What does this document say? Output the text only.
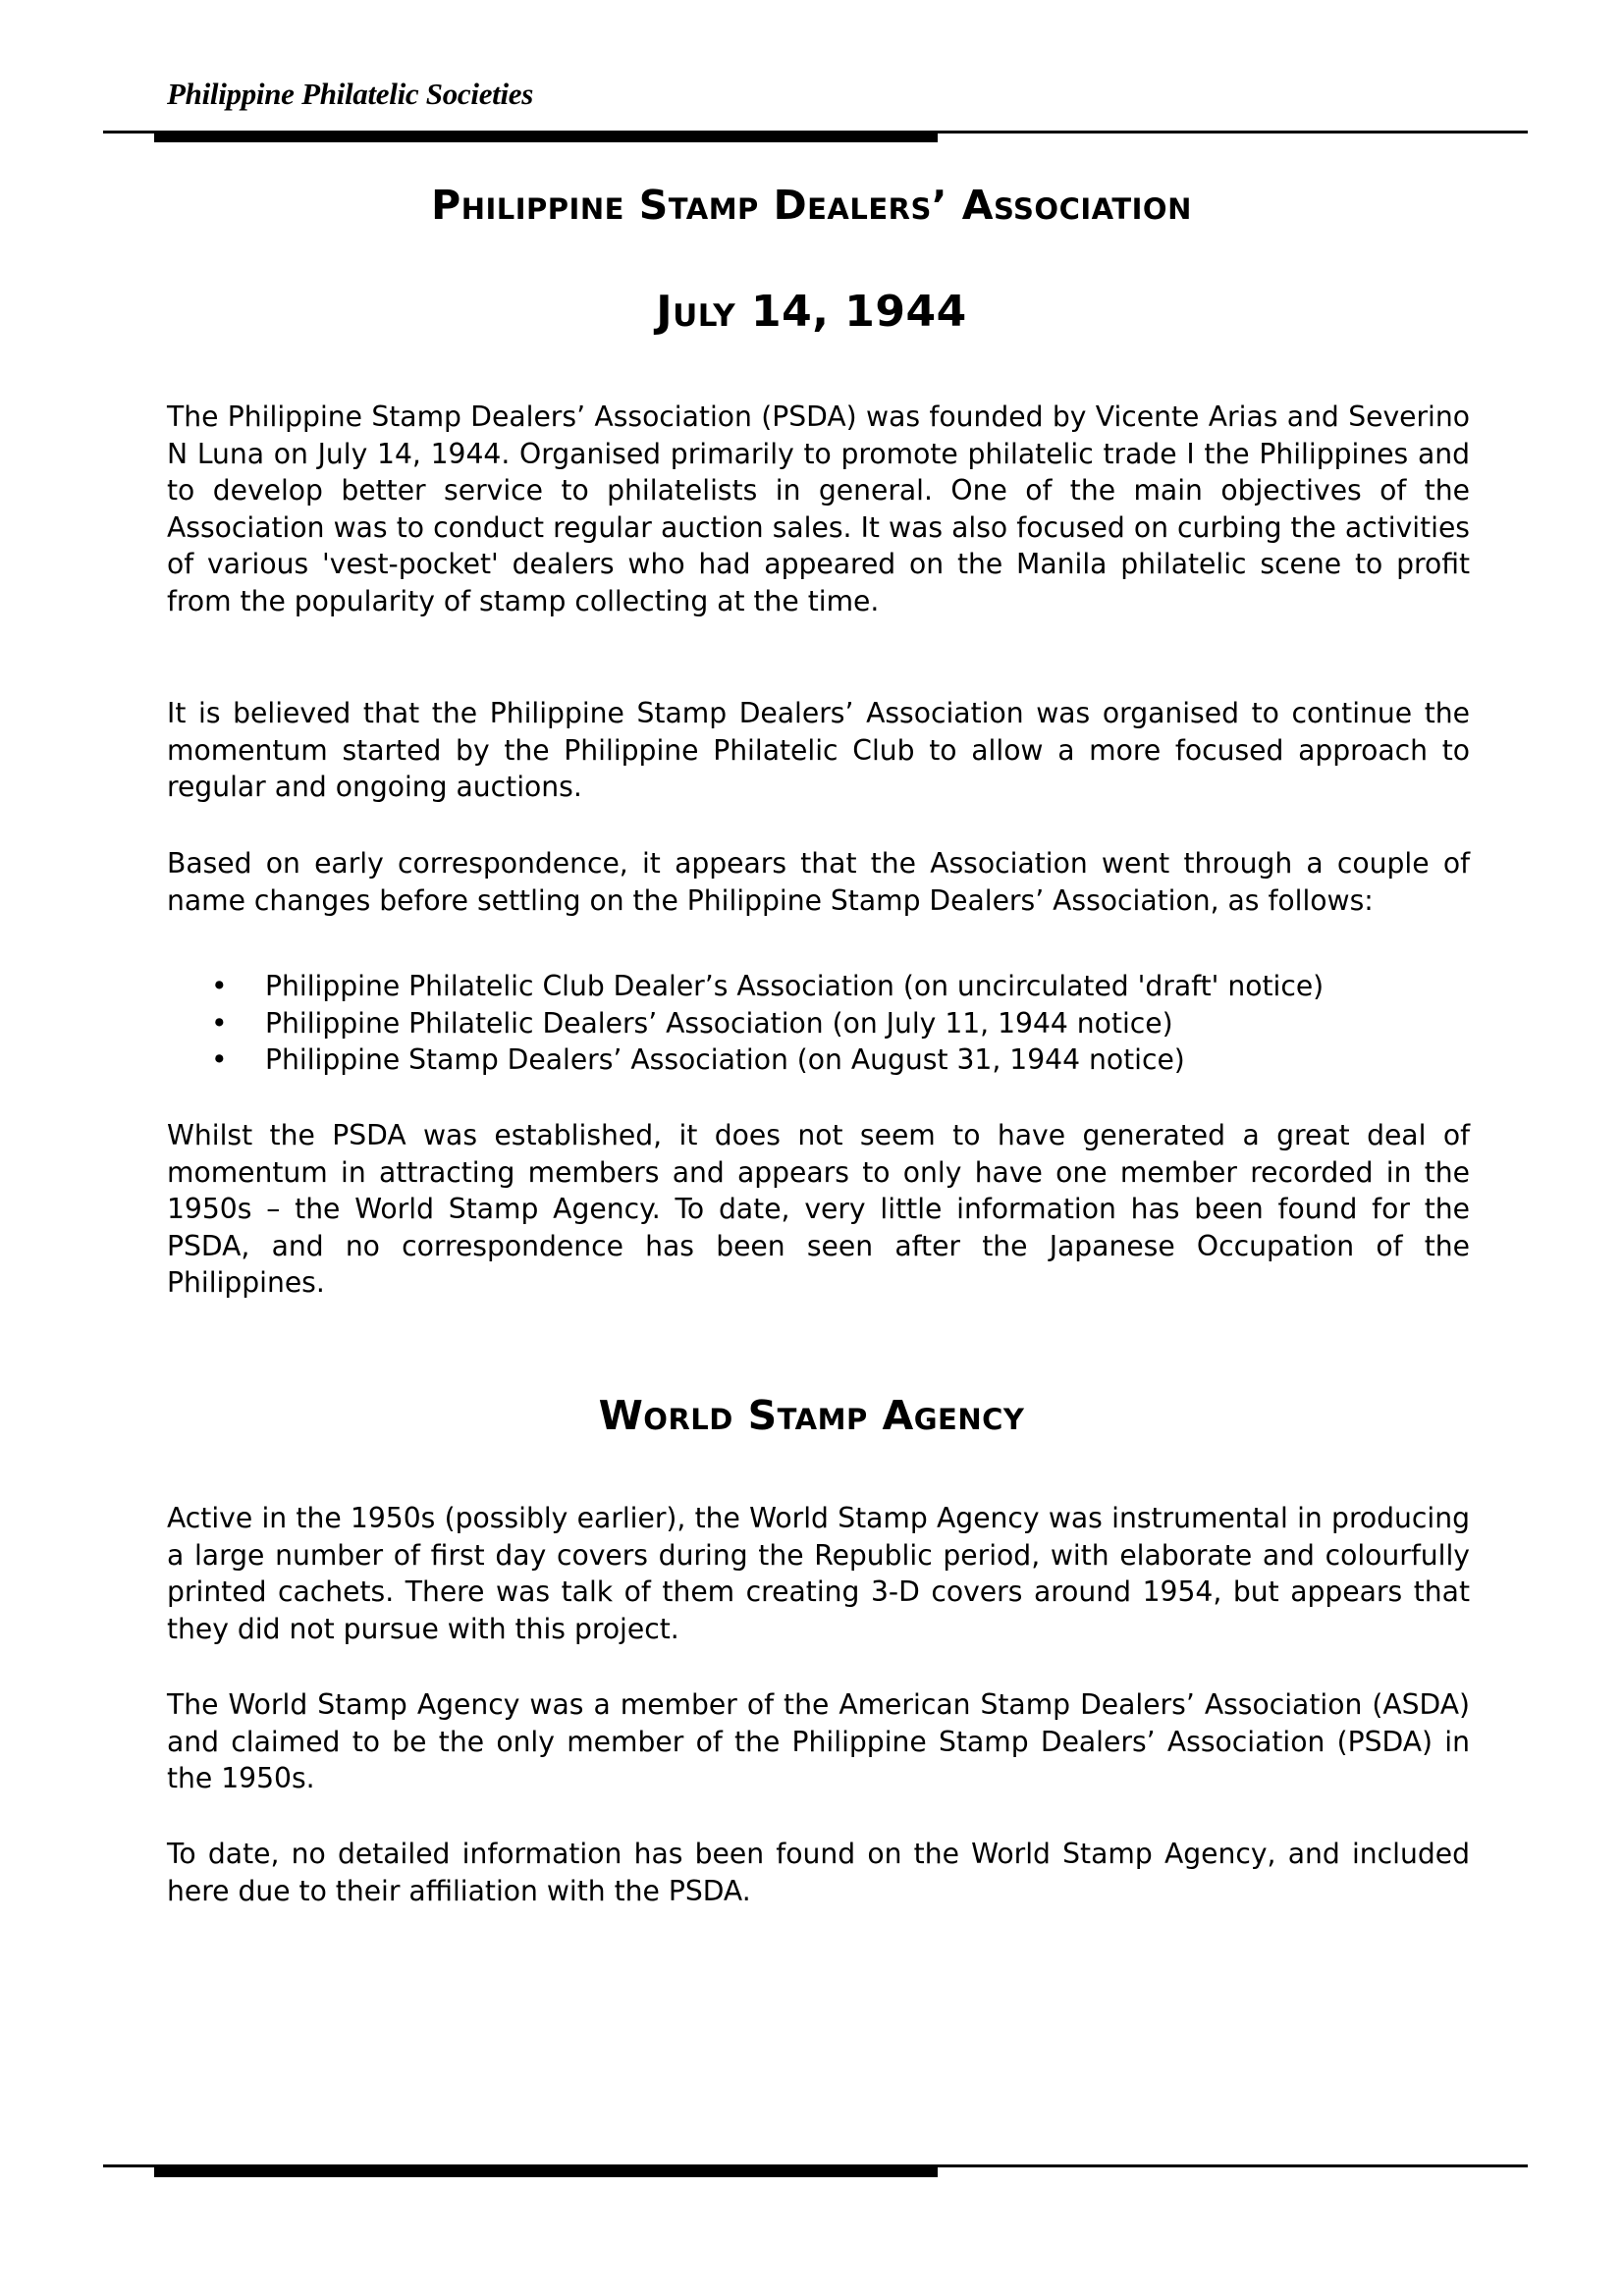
Philippine Philatelic Societies
Philippine Stamp Dealers’ Association
July 14, 1944

The Philippine Stamp Dealers’ Association (PSDA) was founded by Vicente Arias and Severino N Luna on July 14, 1944. Organised primarily to promote philatelic trade I the Philippines and to develop better service to philatelists in general. One of the main objectives of the Association was to conduct regular auction sales. It was also focused on curbing the activities of various 'vest-pocket' dealers who had appeared on the Manila philatelic scene to profit from the popularity of stamp collecting at the time.

It is believed that the Philippine Stamp Dealers’ Association was organised to continue the momentum started by the Philippine Philatelic Club to allow a more focused approach to regular and ongoing auctions.

Based on early correspondence, it appears that the Association went through a couple of name changes before settling on the Philippine Stamp Dealers’ Association, as follows:

• Philippine Philatelic Club Dealer’s Association (on uncirculated 'draft' notice)
• Philippine Philatelic Dealers’ Association (on July 11, 1944 notice)
• Philippine Stamp Dealers’ Association (on August 31, 1944 notice)

Whilst the PSDA was established, it does not seem to have generated a great deal of momentum in attracting members and appears to only have one member recorded in the 1950s – the World Stamp Agency. To date, very little information has been found for the PSDA, and no correspondence has been seen after the Japanese Occupation of the Philippines.

World Stamp Agency

Active in the 1950s (possibly earlier), the World Stamp Agency was instrumental in producing a large number of first day covers during the Republic period, with elaborate and colourfully printed cachets. There was talk of them creating 3-D covers around 1954, but appears that they did not pursue with this project.

The World Stamp Agency was a member of the American Stamp Dealers’ Association (ASDA) and claimed to be the only member of the Philippine Stamp Dealers’ Association (PSDA) in the 1950s.

To date, no detailed information has been found on the World Stamp Agency, and included here due to their affiliation with the PSDA.
